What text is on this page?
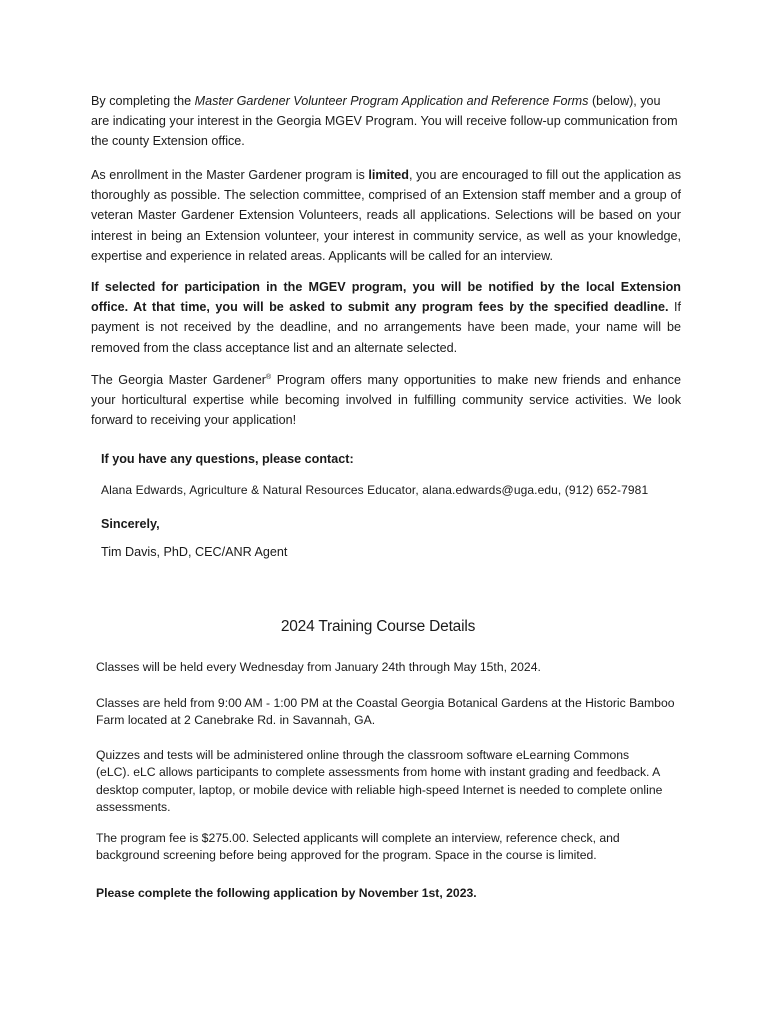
By completing the Master Gardener Volunteer Program Application and Reference Forms (below), you are indicating your interest in the Georgia MGEV Program. You will receive follow-up communication from the county Extension office.

As enrollment in the Master Gardener program is limited, you are encouraged to fill out the application as thoroughly as possible. The selection committee, comprised of an Extension staff member and a group of veteran Master Gardener Extension Volunteers, reads all applications. Selections will be based on your interest in being an Extension volunteer, your interest in community service, as well as your knowledge, expertise and experience in related areas. Applicants will be called for an interview.

If selected for participation in the MGEV program, you will be notified by the local Extension office. At that time, you will be asked to submit any program fees by the specified deadline. If payment is not received by the deadline, and no arrangements have been made, your name will be removed from the class acceptance list and an alternate selected.

The Georgia Master Gardener® Program offers many opportunities to make new friends and enhance your horticultural expertise while becoming involved in fulfilling community service activities. We look forward to receiving your application!

If you have any questions, please contact:

Alana Edwards, Agriculture & Natural Resources Educator, alana.edwards@uga.edu, (912) 652-7981

Sincerely,

Tim Davis, PhD, CEC/ANR Agent

2024 Training Course Details

Classes will be held every Wednesday from January 24th through May 15th, 2024.

Classes are held from 9:00 AM - 1:00 PM at the Coastal Georgia Botanical Gardens at the Historic Bamboo Farm located at 2 Canebrake Rd. in Savannah, GA.

Quizzes and tests will be administered online through the classroom software eLearning Commons (eLC). eLC allows participants to complete assessments from home with instant grading and feedback. A desktop computer, laptop, or mobile device with reliable high-speed Internet is needed to complete online assessments.

The program fee is $275.00. Selected applicants will complete an interview, reference check, and background screening before being approved for the program. Space in the course is limited.

Please complete the following application by November 1st, 2023.
